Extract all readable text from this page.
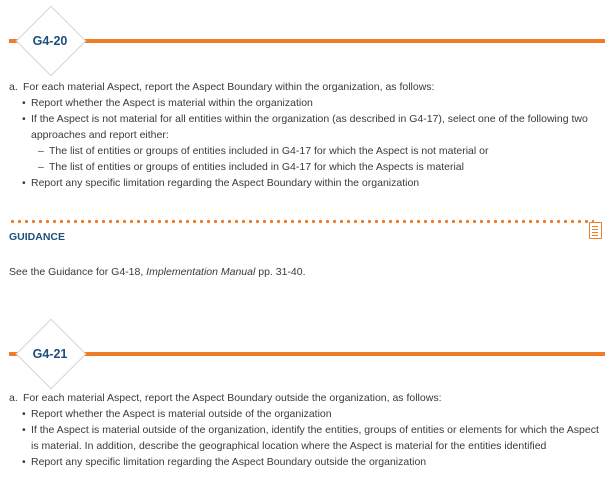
G4-20
a. For each material Aspect, report the Aspect Boundary within the organization, as follows:
• Report whether the Aspect is material within the organization
• If the Aspect is not material for all entities within the organization (as described in G4-17), select one of the following two
approaches and report either:
– The list of entities or groups of entities included in G4-17 for which the Aspect is not material or
– The list of entities or groups of entities included in G4-17 for which the Aspects is material
• Report any specific limitation regarding the Aspect Boundary within the organization
GUIDANCE
See the Guidance for G4-18, Implementation Manual pp. 31-40.
G4-21
a. For each material Aspect, report the Aspect Boundary outside the organization, as follows:
• Report whether the Aspect is material outside of the organization
• If the Aspect is material outside of the organization, identify the entities, groups of entities or elements for which the Aspect
is material. In addition, describe the geographical location where the Aspect is material for the entities identified
• Report any specific limitation regarding the Aspect Boundary outside the organization
